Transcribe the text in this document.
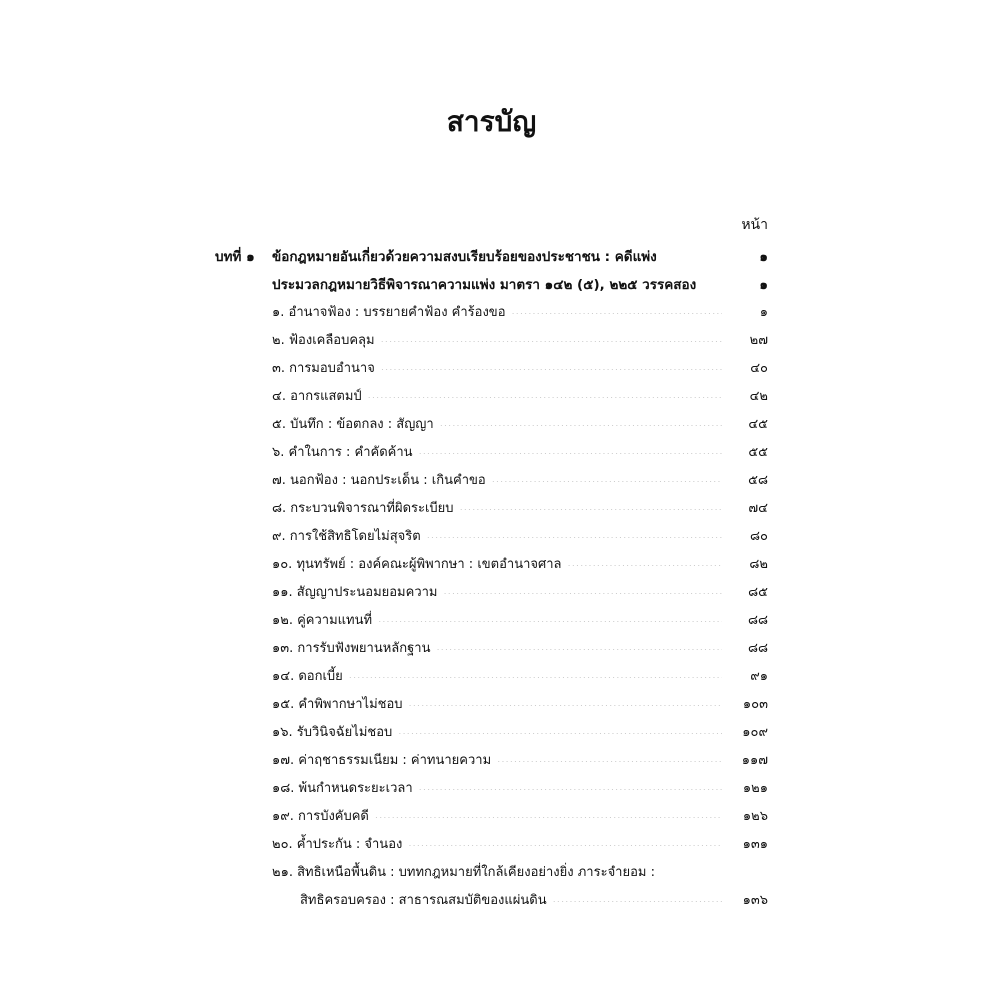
สารบัญ
หน้า
บทที่ ๑ ข้อกฎหมายอันเกี่ยวด้วยความสงบเรียบร้อยของประชาชน : คดีแพ่ง .....	๑
ประมวลกฎหมายวิธีพิจารณาความแพ่ง มาตรา ๑๔๒ (๕), ๒๒๕ วรรคสอง	๑
๑. อำนาจฟ้อง : บรรยายคำฟ้อง คำร้องขอ .....	๑
๒. ฟ้องเคลือบคลุม .....	๒๗
๓. การมอบอำนาจ .....	๔๐
๔. อากรแสตมป์ .....	๔๒
๕. บันทึก : ข้อตกลง : สัญญา .....	๔๕
๖. คำในการ : คำคัดค้าน .....	๕๕
๗. นอกฟ้อง : นอกประเด็น : เกินคำขอ .....	๕๘
๘. กระบวนพิจารณาที่ผิดระเบียบ .....	๗๔
๙. การใช้สิทธิโดยไม่สุจริต .....	๘๐
๑๐. ทุนทรัพย์ : องค์คณะผู้พิพากษา : เขตอำนาจศาล .....	๘๒
๑๑. สัญญาประนอมยอมความ .....	๘๕
๑๒. คู่ความแทนที่ .....	๘๘
๑๓. การรับฟังพยานหลักฐาน .....	๘๘
๑๔. ดอกเบี้ย .....	๙๑
๑๕. คำพิพากษาไม่ชอบ .....	๑๐๓
๑๖. รับวินิจฉัยไม่ชอบ .....	๑๐๙
๑๗. ค่าฤชาธรรมเนียม : ค่าทนายความ .....	๑๑๗
๑๘. พ้นกำหนดระยะเวลา .....	๑๒๑
๑๙. การบังคับคดี .....	๑๒๖
๒๐. ค้ำประกัน : จำนอง .....	๑๓๑
๒๑. สิทธิเหนือพื้นดิน : บททกฎหมายที่ใกล้เคียงอย่างยิ่ง ภาระจำยอม :
สิทธิครอบครอง : สาธารณสมบัติของแผ่นดิน .....	๑๓๖
